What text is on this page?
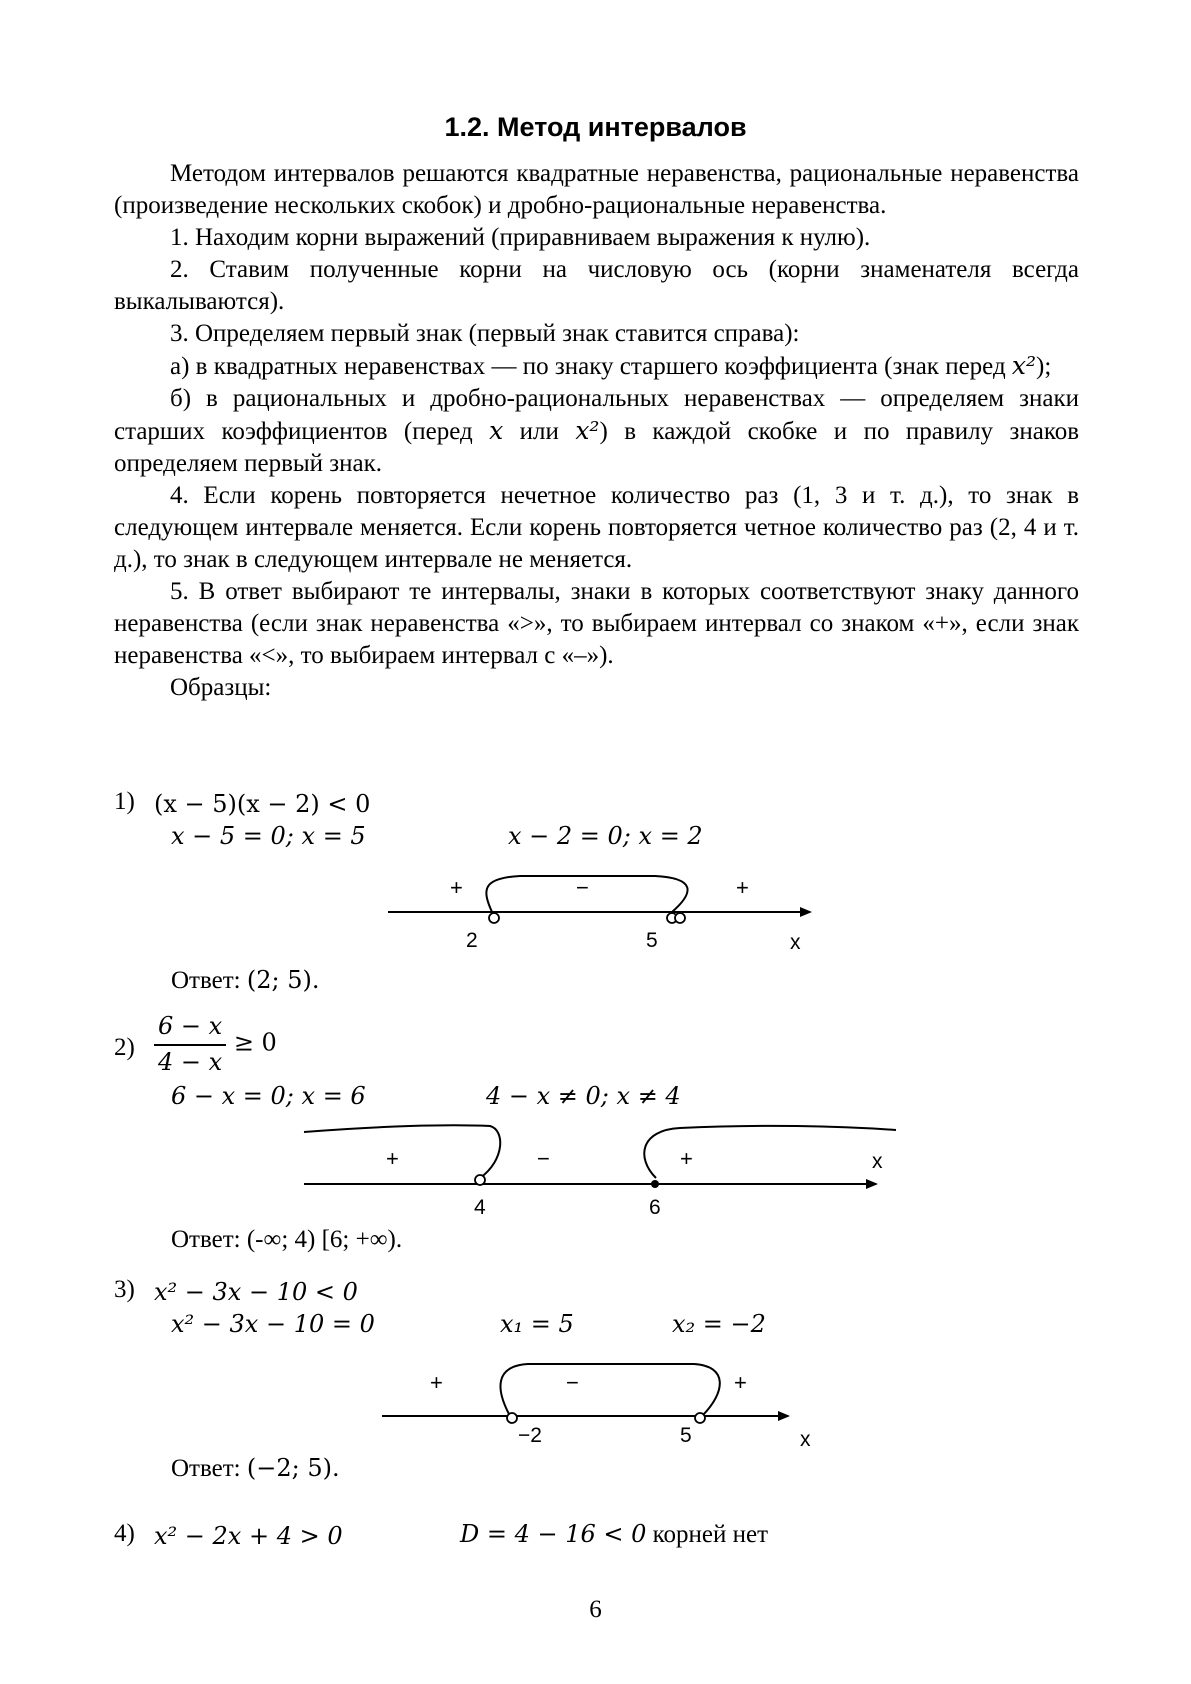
1.2. Метод интервалов

Методом интервалов решаются квадратные неравенства, рациональные неравенства (произведение нескольких скобок) и дробно-рациональные неравенства.

1. Находим корни выражений (приравниваем выражения к нулю).

2. Ставим полученные корни на числовую ось (корни знаменателя всегда выкалываются).

3. Определяем первый знак (первый знак ставится справа):

а) в квадратных неравенствах — по знаку старшего коэффициента (знак перед x²);

б) в рациональных и дробно-рациональных неравенствах — определяем знаки старших коэффициентов (перед x или x²) в каждой скобке и по правилу знаков определяем первый знак.

4. Если корень повторяется нечетное количество раз (1, 3 и т. д.), то знак в следующем интервале меняется. Если корень повторяется четное количество раз (2, 4 и т. д.), то знак в следующем интервале не меняется.

5. В ответ выбирают те интервалы, знаки в которых соответствуют знаку данного неравенства (если знак неравенства «>», то выбираем интервал со знаком «+», если знак неравенства «<», то выбираем интервал с «–»).

Образцы:

1) (x − 5)(x − 2) < 0
x − 5 = 0; x = 5	x − 2 = 0; x = 2
+	−	+
2	5	x
+	−	+
4	6
x
+	−	+
−2	5	x
Ответ: (2; 5).
$2) \frac{6 - x}{4 - x} \ge 0$
6 − x = 0; x = 6	4 − x ≠ 0; x ≠ 4
Ответ: (-∞; 4) [6; +∞).
3) x² − 3x − 10 < 0
x² − 3x − 10 = 0	x₁ = 5	x₂ = −2
Ответ: (−2; 5).
4) x² − 2x + 4 > 0	D = 4 − 16 < 0 корней нет
6
